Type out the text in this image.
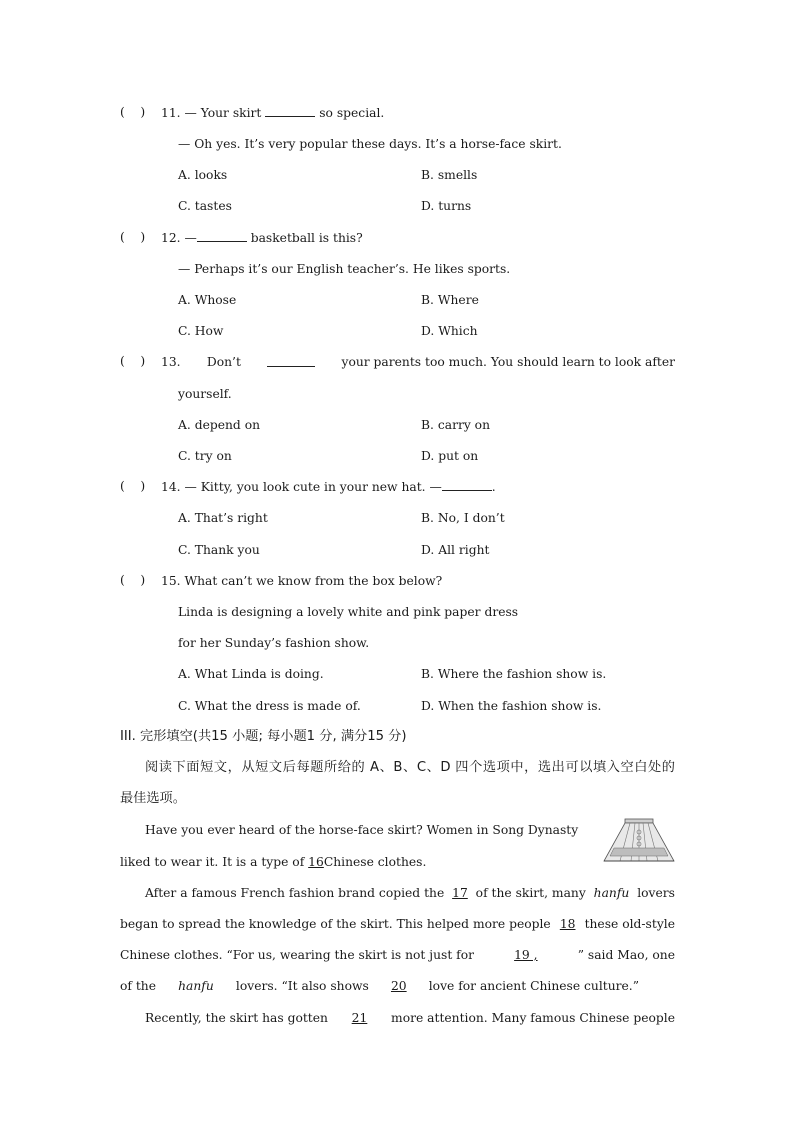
(    ) 11. — Your skirt	so special.
— Oh yes. It’s very popular these days. It’s a horse-face skirt.
A. looks	B. smells
C. tastes	D. turns
(    ) 12. —	basketball is this?
— Perhaps it’s our English teacher’s. He likes sports.
A. Whose	B. Where
C. How	D. Which
(    ) 13. Don’t	your parents too much. You should learn to look after
yourself.
A. depend on	B. carry on
C. try on	D. put on
(    ) 14. — Kitty, you look cute in your new hat. —	.
A. That’s right	B. No, I don’t
C. Thank you	D. All right
(    ) 15. What can’t we know from the box below?
Linda is designing a lovely white and pink paper dress
for her Sunday’s fashion show.
A. What Linda is doing.	B. Where the fashion show is.
C. What the dress is made of.	D. When the fashion show is.
III. 完形填空(共15 小题; 每小题1 分, 满分15 分)
阅读下面短文，从短文后每题所给的 A、B、C、D 四个选项中，选出可以填入空白处的
最佳选项。
Have you ever heard of the horse-face skirt? Women in Song Dynasty
liked to wear it. It is a type of 16Chinese clothes.
After a famous French fashion brand copied the 17 of the skirt, many hanfu lovers
began to spread the knowledge of the skirt. This helped more people 18 these old-style
Chinese clothes. “For us, wearing the skirt is not just for	19 ,	” said Mao, one
of the hanfu lovers. “It also shows 20 love for ancient Chinese culture.”
Recently, the skirt has gotten 21 more attention. Many famous Chinese people
